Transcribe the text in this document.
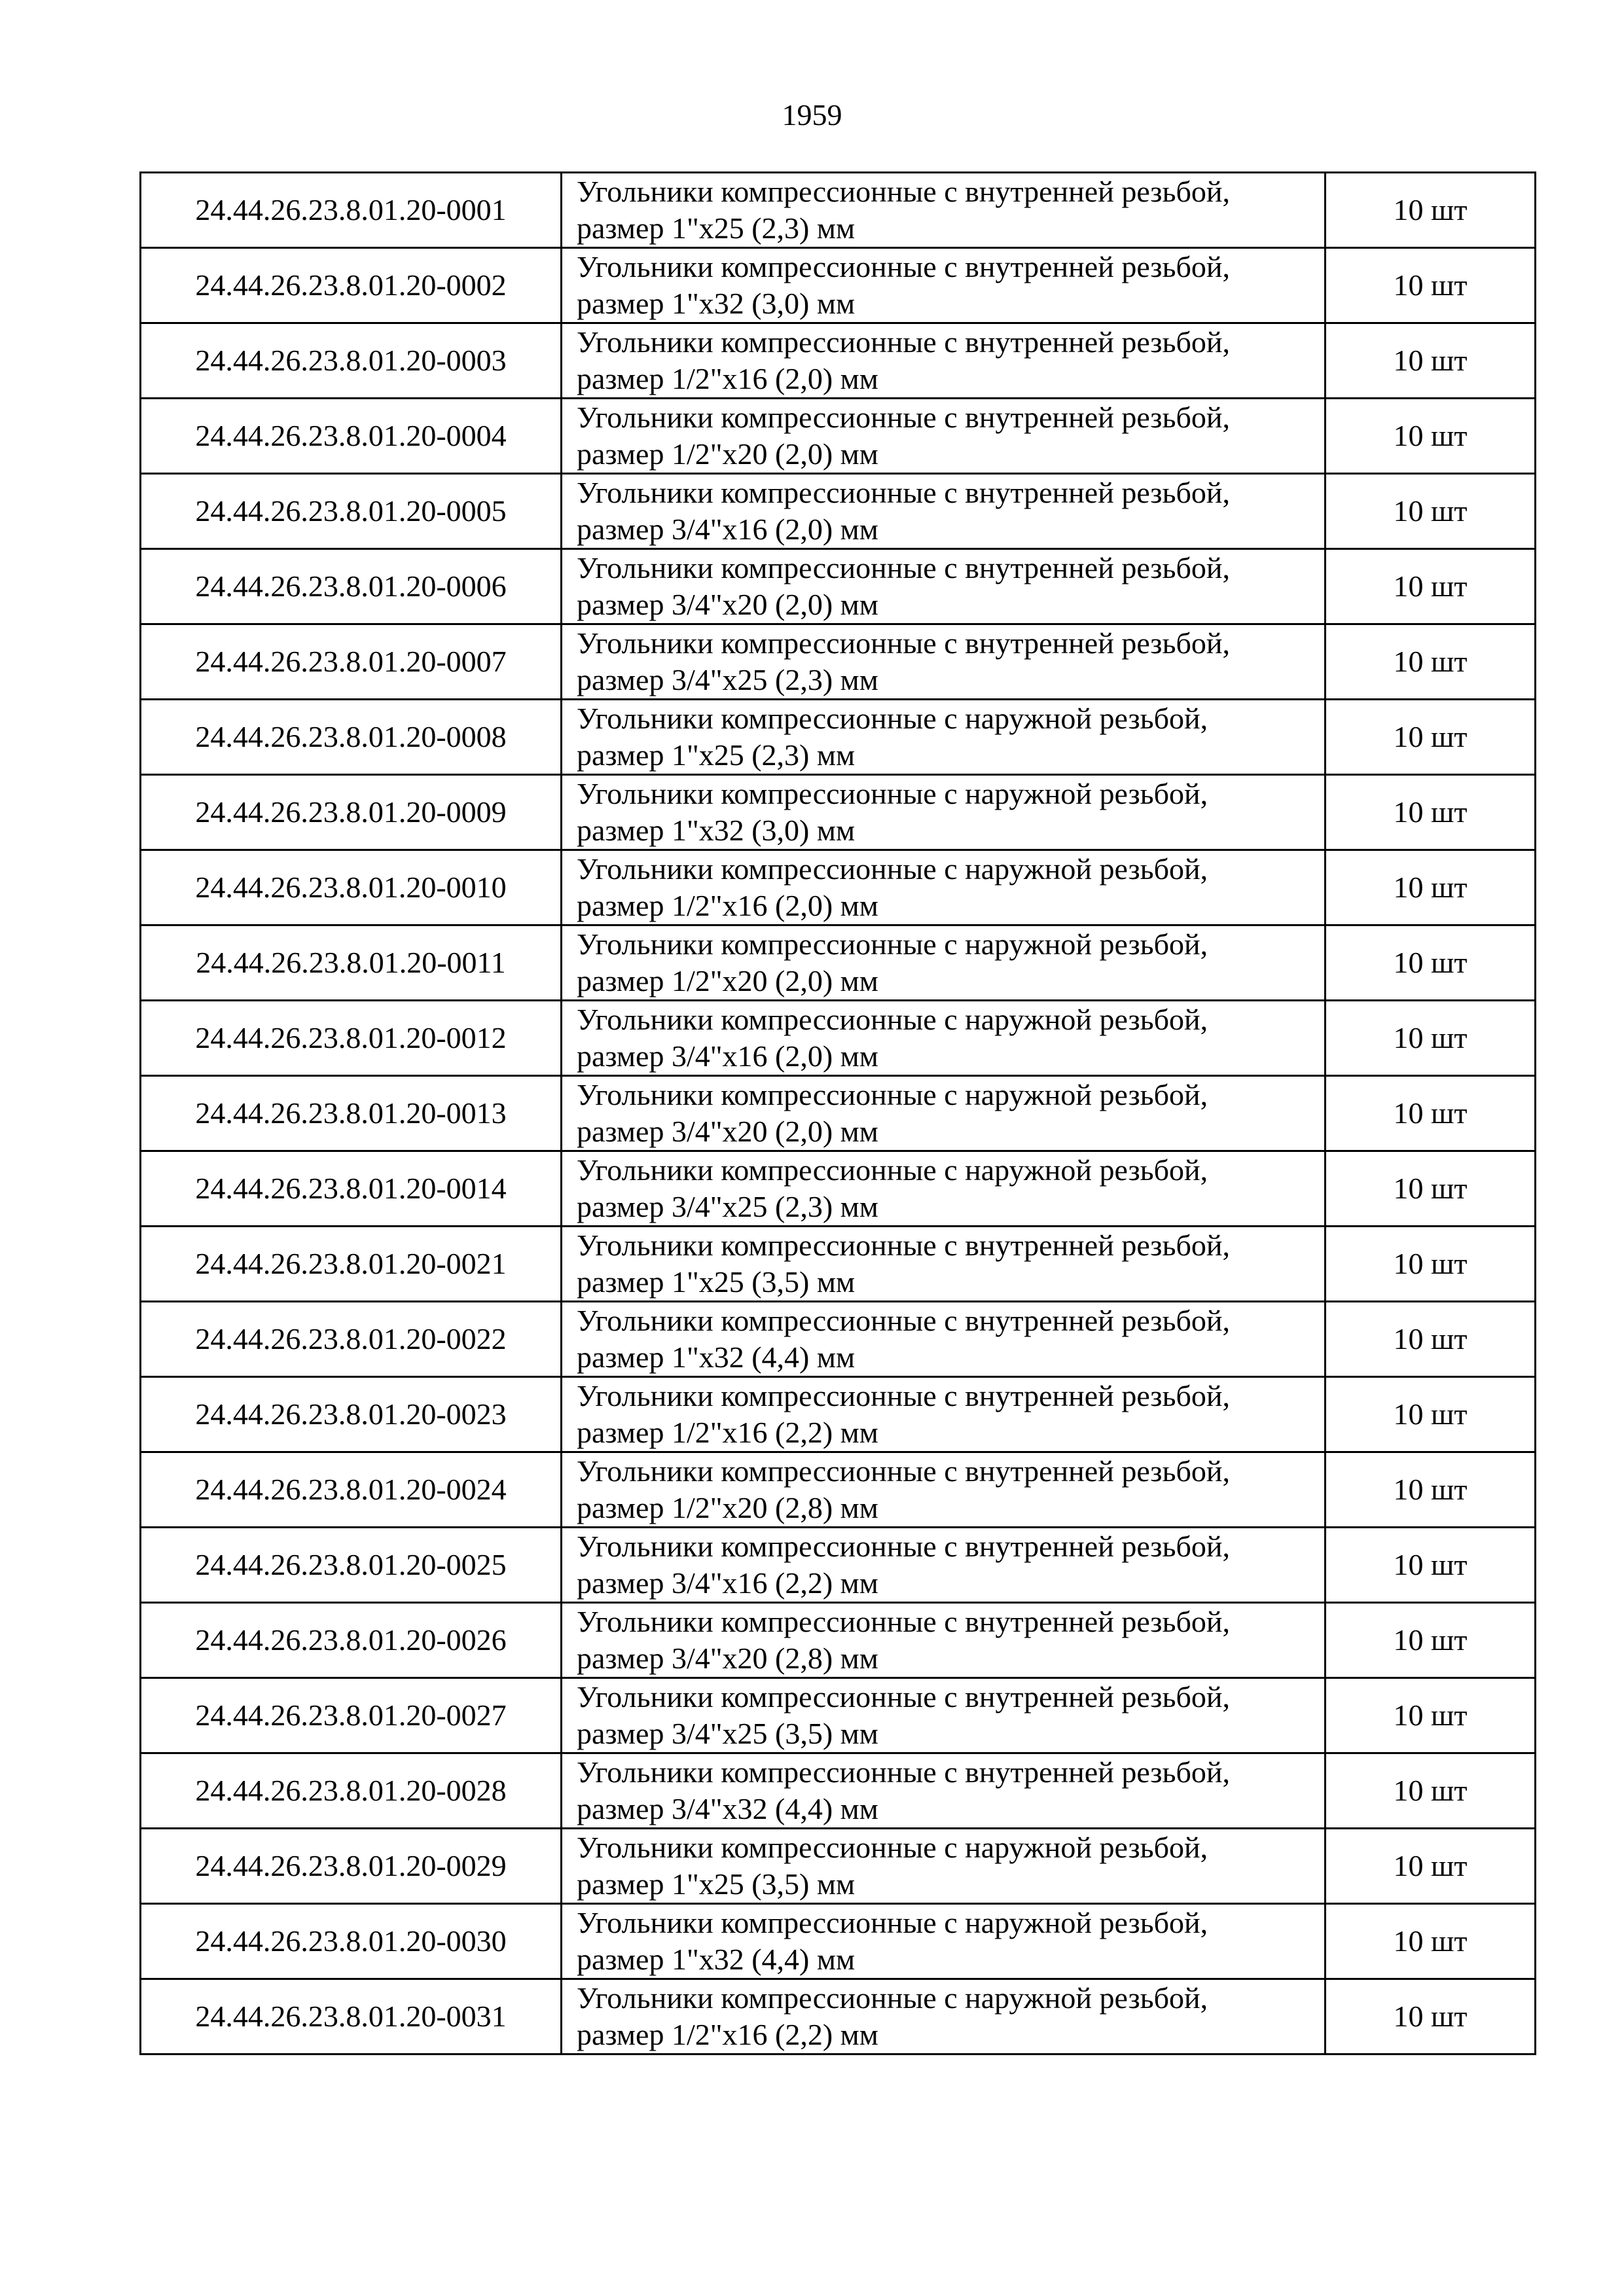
1959
24.44.26.23.8.01.20-0001	Угольники компрессионные с внутренней резьбой,
размер 1"х25 (2,3) мм	10 шт
24.44.26.23.8.01.20-0002	Угольники компрессионные с внутренней резьбой,
размер 1"х32 (3,0) мм	10 шт
24.44.26.23.8.01.20-0003	Угольники компрессионные с внутренней резьбой,
размер 1/2"х16 (2,0) мм	10 шт
24.44.26.23.8.01.20-0004	Угольники компрессионные с внутренней резьбой,
размер 1/2"х20 (2,0) мм	10 шт
24.44.26.23.8.01.20-0005	Угольники компрессионные с внутренней резьбой,
размер 3/4"х16 (2,0) мм	10 шт
24.44.26.23.8.01.20-0006	Угольники компрессионные с внутренней резьбой,
размер 3/4"х20 (2,0) мм	10 шт
24.44.26.23.8.01.20-0007	Угольники компрессионные с внутренней резьбой,
размер 3/4"х25 (2,3) мм	10 шт
24.44.26.23.8.01.20-0008	Угольники компрессионные с наружной резьбой,
размер 1"х25 (2,3) мм	10 шт
24.44.26.23.8.01.20-0009	Угольники компрессионные с наружной резьбой,
размер 1"х32 (3,0) мм	10 шт
24.44.26.23.8.01.20-0010	Угольники компрессионные с наружной резьбой,
размер 1/2"х16 (2,0) мм	10 шт
24.44.26.23.8.01.20-0011	Угольники компрессионные с наружной резьбой,
размер 1/2"х20 (2,0) мм	10 шт
24.44.26.23.8.01.20-0012	Угольники компрессионные с наружной резьбой,
размер 3/4"х16 (2,0) мм	10 шт
24.44.26.23.8.01.20-0013	Угольники компрессионные с наружной резьбой,
размер 3/4"х20 (2,0) мм	10 шт
24.44.26.23.8.01.20-0014	Угольники компрессионные с наружной резьбой,
размер 3/4"х25 (2,3) мм	10 шт
24.44.26.23.8.01.20-0021	Угольники компрессионные с внутренней резьбой,
размер 1"х25 (3,5) мм	10 шт
24.44.26.23.8.01.20-0022	Угольники компрессионные с внутренней резьбой,
размер 1"х32 (4,4) мм	10 шт
24.44.26.23.8.01.20-0023	Угольники компрессионные с внутренней резьбой,
размер 1/2"х16 (2,2) мм	10 шт
24.44.26.23.8.01.20-0024	Угольники компрессионные с внутренней резьбой,
размер 1/2"х20 (2,8) мм	10 шт
24.44.26.23.8.01.20-0025	Угольники компрессионные с внутренней резьбой,
размер 3/4"х16 (2,2) мм	10 шт
24.44.26.23.8.01.20-0026	Угольники компрессионные с внутренней резьбой,
размер 3/4"х20 (2,8) мм	10 шт
24.44.26.23.8.01.20-0027	Угольники компрессионные с внутренней резьбой,
размер 3/4"х25 (3,5) мм	10 шт
24.44.26.23.8.01.20-0028	Угольники компрессионные с внутренней резьбой,
размер 3/4"х32 (4,4) мм	10 шт
24.44.26.23.8.01.20-0029	Угольники компрессионные с наружной резьбой,
размер 1"х25 (3,5) мм	10 шт
24.44.26.23.8.01.20-0030	Угольники компрессионные с наружной резьбой,
размер 1"х32 (4,4) мм	10 шт
24.44.26.23.8.01.20-0031	Угольники компрессионные с наружной резьбой,
размер 1/2"х16 (2,2) мм	10 шт
